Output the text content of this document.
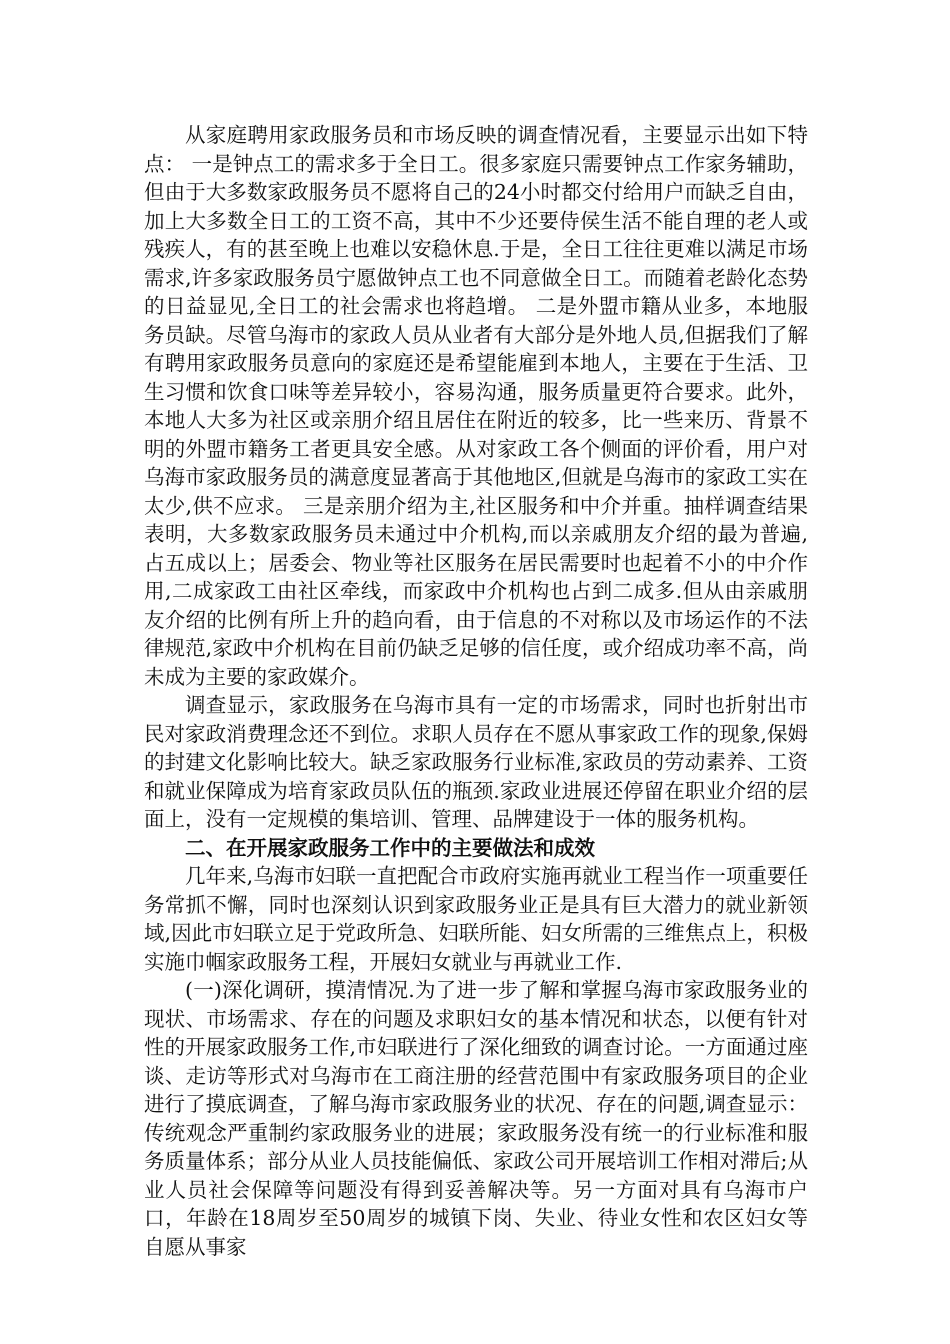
从家庭聘用家政服务员和市场反映的调查情况看，主要显示出如下特点： 一是钟点工的需求多于全日工。很多家庭只需要钟点工作家务辅助，但由于大多数家政服务员不愿将自己的24小时都交付给用户而缺乏自由，加上大多数全日工的工资不高，其中不少还要侍侯生活不能自理的老人或残疾人，有的甚至晚上也难以安稳休息.于是，全日工往往更难以满足市场需求,许多家政服务员宁愿做钟点工也不同意做全日工。而随着老龄化态势的日益显见,全日工的社会需求也将趋增。 二是外盟市籍从业多，本地服务员缺。尽管乌海市的家政人员从业者有大部分是外地人员,但据我们了解有聘用家政服务员意向的家庭还是希望能雇到本地人，主要在于生活、卫生习惯和饮食口味等差异较小，容易沟通，服务质量更符合要求。此外，本地人大多为社区或亲朋介绍且居住在附近的较多，比一些来历、背景不明的外盟市籍务工者更具安全感。从对家政工各个侧面的评价看，用户对乌海市家政服务员的满意度显著高于其他地区,但就是乌海市的家政工实在太少,供不应求。 三是亲朋介绍为主,社区服务和中介并重。抽样调查结果表明，大多数家政服务员未通过中介机构,而以亲戚朋友介绍的最为普遍,占五成以上；居委会、物业等社区服务在居民需要时也起着不小的中介作用,二成家政工由社区牵线，而家政中介机构也占到二成多.但从由亲戚朋友介绍的比例有所上升的趋向看，由于信息的不对称以及市场运作的不法律规范,家政中介机构在目前仍缺乏足够的信任度，或介绍成功率不高，尚未成为主要的家政媒介。

调查显示，家政服务在乌海市具有一定的市场需求，同时也折射出市民对家政消费理念还不到位。求职人员存在不愿从事家政工作的现象,保姆的封建文化影响比较大。缺乏家政服务行业标准,家政员的劳动素养、工资和就业保障成为培育家政员队伍的瓶颈.家政业进展还停留在职业介绍的层面上，没有一定规模的集培训、管理、品牌建设于一体的服务机构。

二、在开展家政服务工作中的主要做法和成效

几年来,乌海市妇联一直把配合市政府实施再就业工程当作一项重要任务常抓不懈，同时也深刻认识到家政服务业正是具有巨大潜力的就业新领域,因此市妇联立足于党政所急、妇联所能、妇女所需的三维焦点上，积极实施巾帼家政服务工程，开展妇女就业与再就业工作.

(一)深化调研，摸清情况.为了进一步了解和掌握乌海市家政服务业的现状、市场需求、存在的问题及求职妇女的基本情况和状态，以便有针对性的开展家政服务工作,市妇联进行了深化细致的调查讨论。一方面通过座谈、走访等形式对乌海市在工商注册的经营范围中有家政服务项目的企业进行了摸底调查，了解乌海市家政服务业的状况、存在的问题,调查显示：传统观念严重制约家政服务业的进展；家政服务没有统一的行业标准和服务质量体系；部分从业人员技能偏低、家政公司开展培训工作相对滞后;从业人员社会保障等问题没有得到妥善解决等。另一方面对具有乌海市户口，年龄在18周岁至50周岁的城镇下岗、失业、待业女性和农区妇女等自愿从事家
